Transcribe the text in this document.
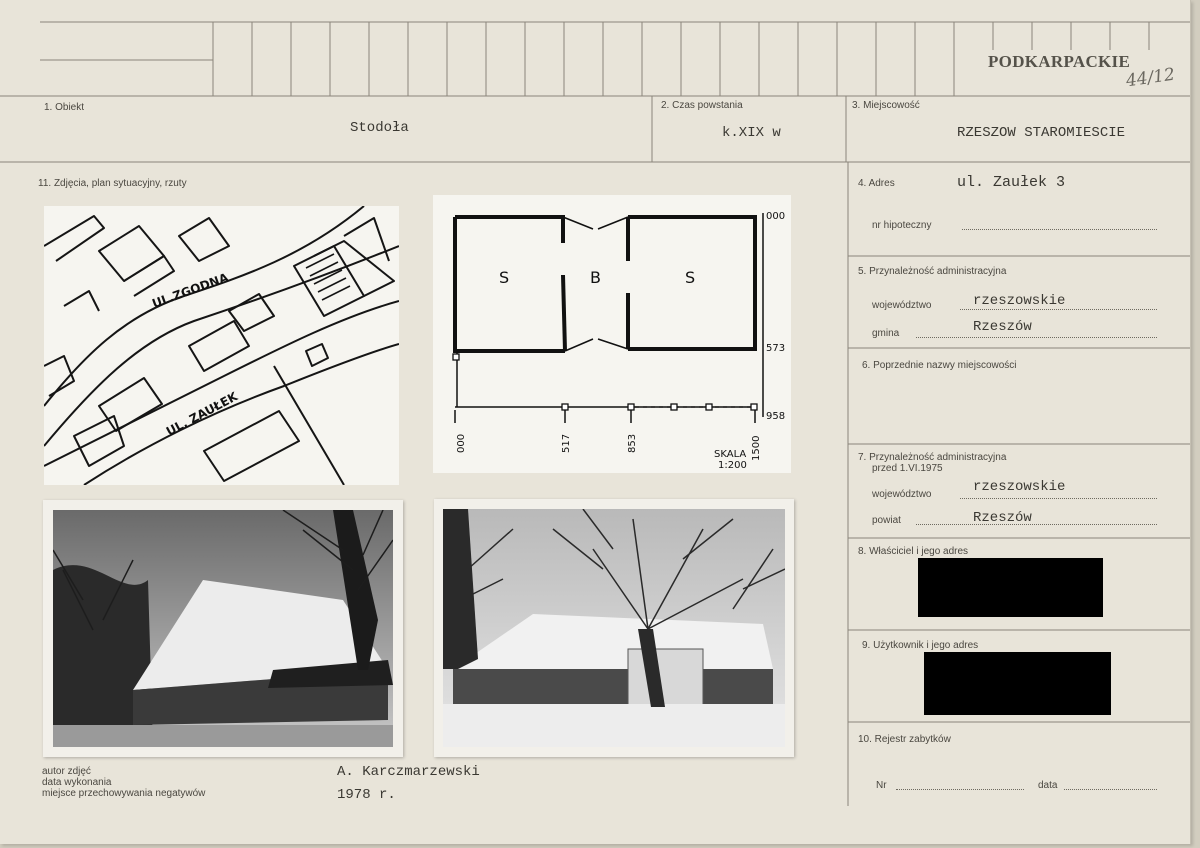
PODKARPACKIE
44/12
1. Obiekt
Stodoła
2. Czas powstania
k.XIX w
3. Miejscowość
RZESZOW STAROMIESCIE
11. Zdjęcia, plan sytuacyjny, rzuty	4. Adres	ul. Zaułek 3
nr hipoteczny
5. Przynależność administracyjna
województwo	rzeszowskie
gmina	Rzeszów
6. Poprzednie nazwy miejscowości
7. Przynależność administracyjna
przed 1.VI.1975
województwo	rzeszowskie
powiat	Rzeszów
8. Właściciel i jego adres
9. Użytkownik i jego adres
10. Rejestr zabytków
Nr	data
autor zdjęć
data wykonania
miejsce przechowywania negatywów
A. Karczmarzewski
1978 r.
UL.ZGODNA
UL. ZAUŁEK
S	B	S
000
573
958
000	517	853	1500
SKALA
1:200
